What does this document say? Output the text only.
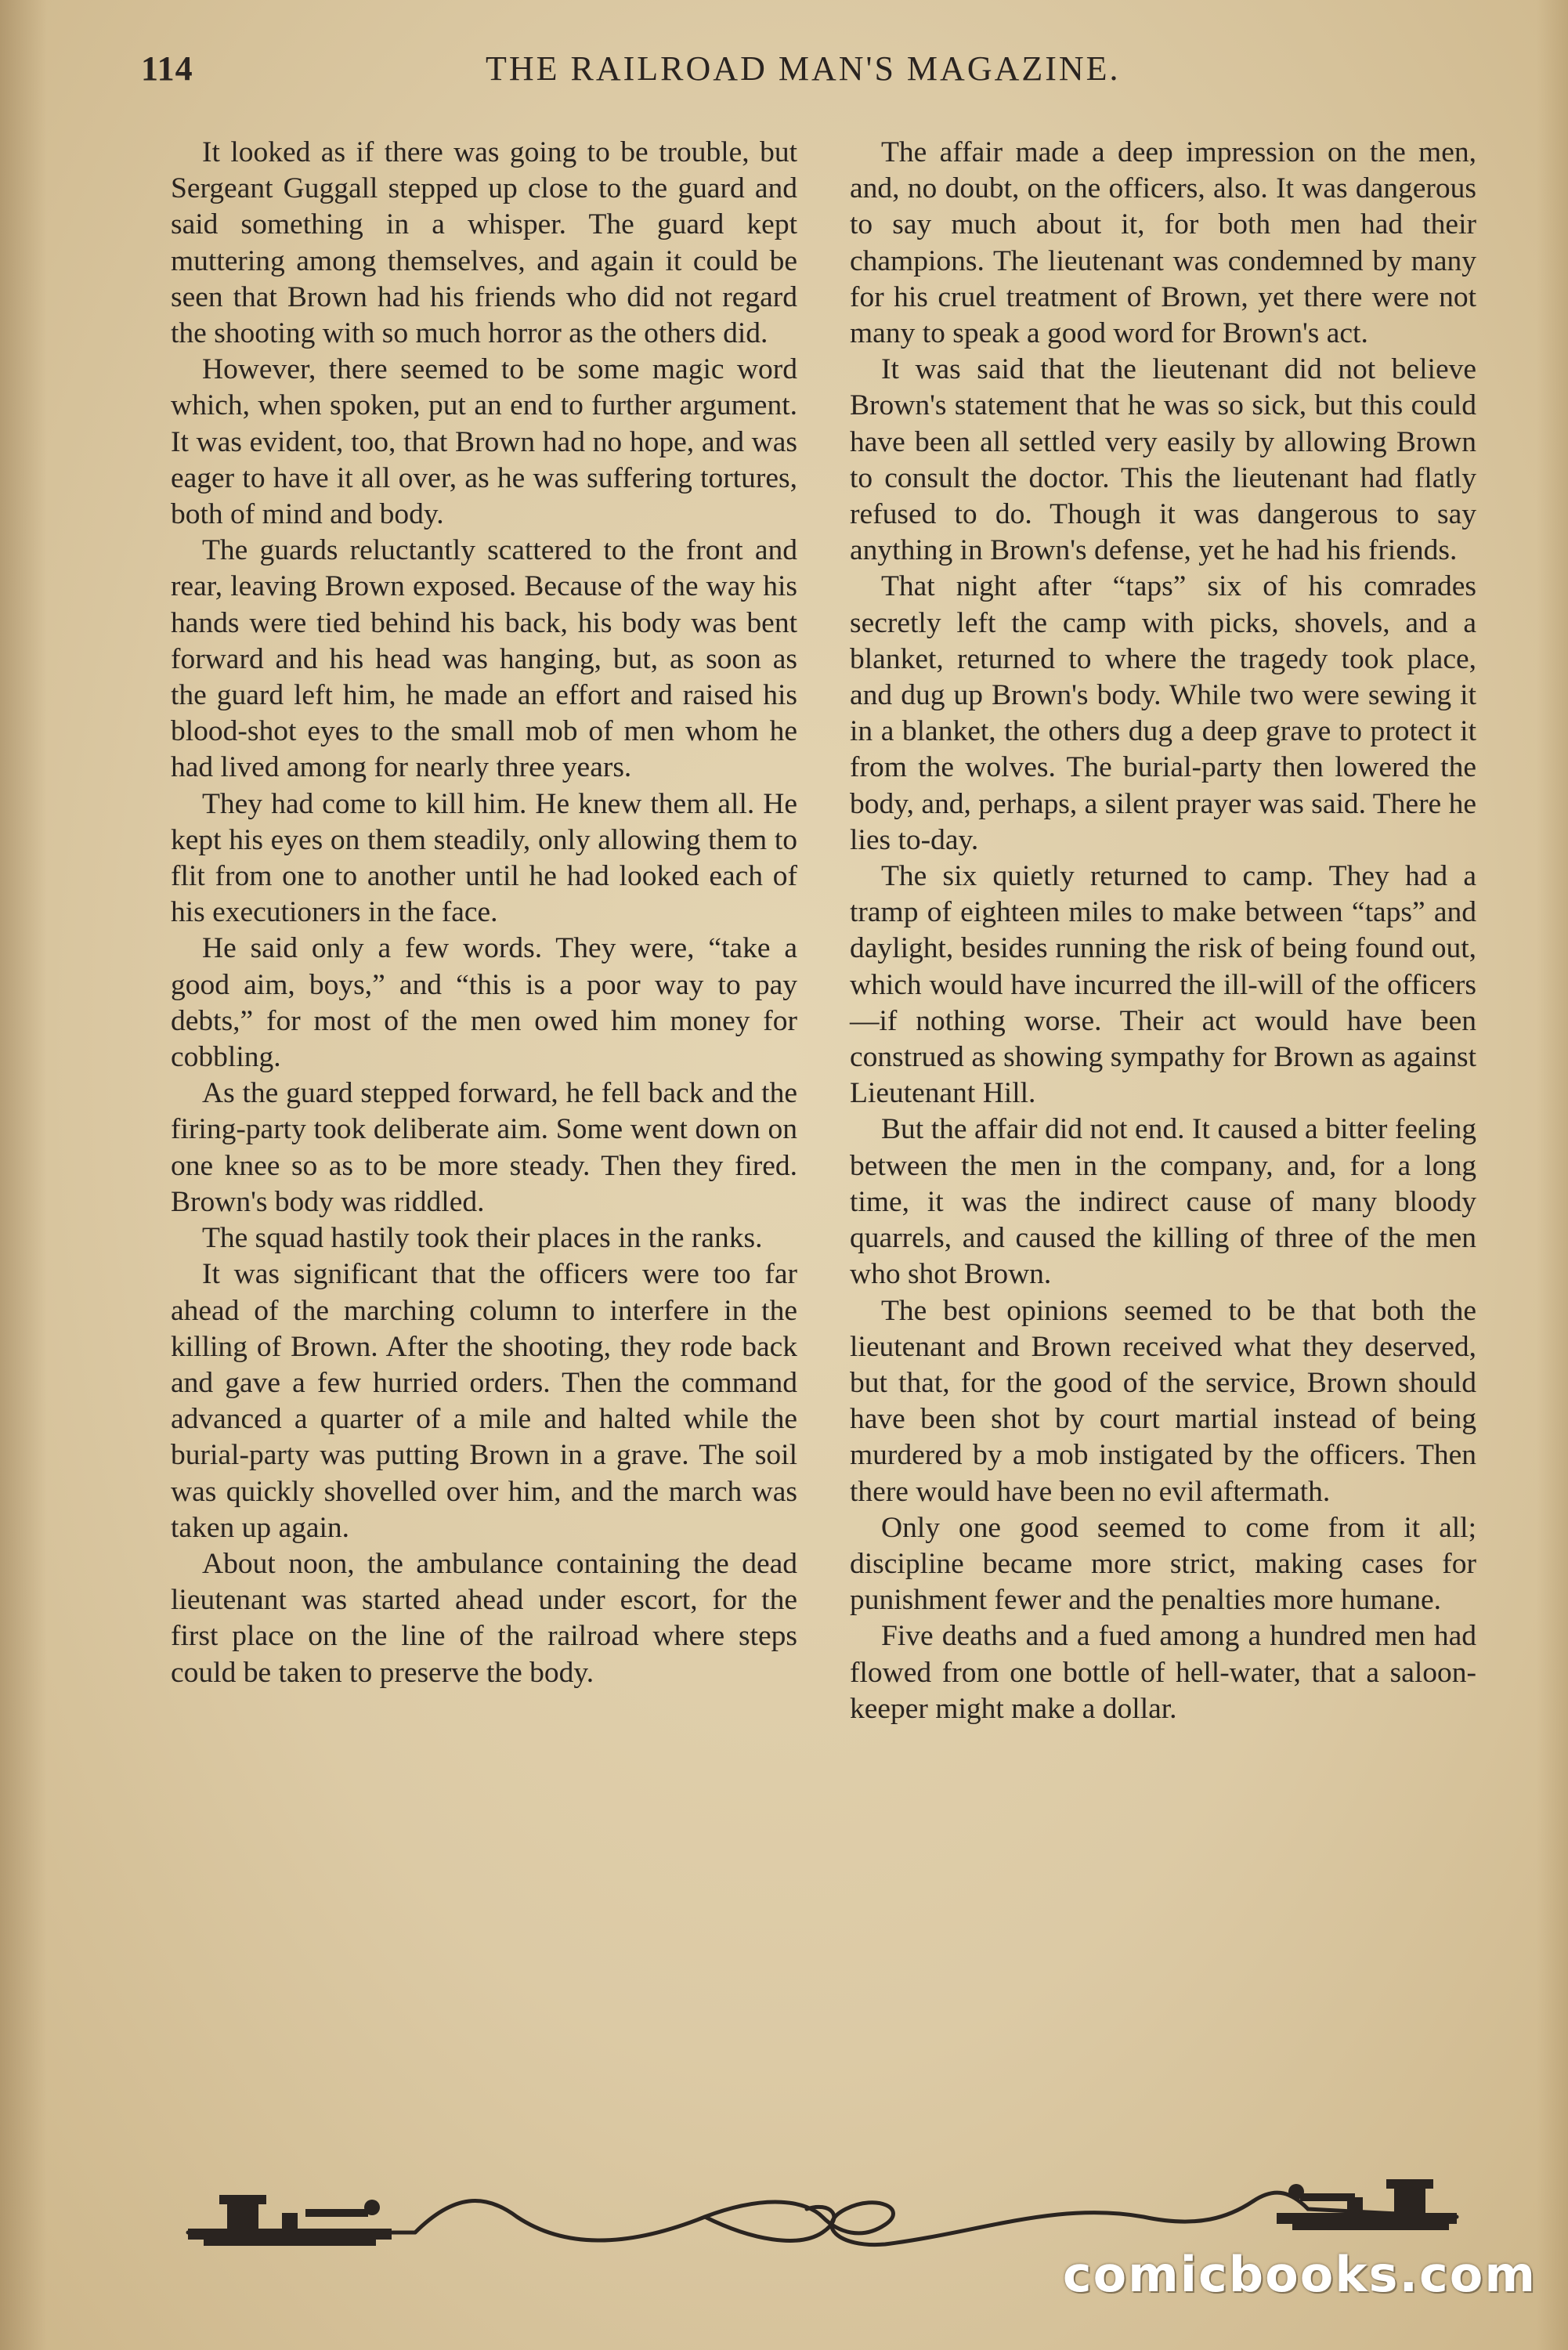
114	THE RAILROAD MAN'S MAGAZINE.

It looked as if there was going to be trouble, but Sergeant Guggall stepped up close to the guard and said something in a whisper. The guard kept muttering among themselves, and again it could be seen that Brown had his friends who did not regard the shooting with so much horror as the others did.

However, there seemed to be some magic word which, when spoken, put an end to further argument. It was evident, too, that Brown had no hope, and was eager to have it all over, as he was suffering tortures, both of mind and body.

The guards reluctantly scattered to the front and rear, leaving Brown exposed. Because of the way his hands were tied behind his back, his body was bent forward and his head was hanging, but, as soon as the guard left him, he made an effort and raised his blood-shot eyes to the small mob of men whom he had lived among for nearly three years.

They had come to kill him. He knew them all. He kept his eyes on them steadily, only allowing them to flit from one to another until he had looked each of his executioners in the face.

He said only a few words. They were, “take a good aim, boys,” and “this is a poor way to pay debts,” for most of the men owed him money for cobbling.

As the guard stepped forward, he fell back and the firing-party took deliberate aim. Some went down on one knee so as to be more steady. Then they fired. Brown's body was riddled.

The squad hastily took their places in the ranks.

It was significant that the officers were too far ahead of the marching column to interfere in the killing of Brown. After the shooting, they rode back and gave a few hurried orders. Then the command advanced a quarter of a mile and halted while the burial-party was putting Brown in a grave. The soil was quickly shovelled over him, and the march was taken up again.

About noon, the ambulance containing the dead lieutenant was started ahead under escort, for the first place on the line of the railroad where steps could be taken to preserve the body.

The affair made a deep impression on the men, and, no doubt, on the officers, also. It was dangerous to say much about it, for both men had their champions. The lieutenant was condemned by many for his cruel treatment of Brown, yet there were not many to speak a good word for Brown's act.

It was said that the lieutenant did not believe Brown's statement that he was so sick, but this could have been all settled very easily by allowing Brown to consult the doctor. This the lieutenant had flatly refused to do. Though it was dangerous to say anything in Brown's defense, yet he had his friends.

That night after “taps” six of his comrades secretly left the camp with picks, shovels, and a blanket, returned to where the tragedy took place, and dug up Brown's body. While two were sewing it in a blanket, the others dug a deep grave to protect it from the wolves. The burial-party then lowered the body, and, perhaps, a silent prayer was said. There he lies to-day.

The six quietly returned to camp. They had a tramp of eighteen miles to make between “taps” and daylight, besides running the risk of being found out, which would have incurred the ill-will of the officers—if nothing worse. Their act would have been construed as showing sympathy for Brown as against Lieutenant Hill.

But the affair did not end. It caused a bitter feeling between the men in the company, and, for a long time, it was the indirect cause of many bloody quarrels, and caused the killing of three of the men who shot Brown.

The best opinions seemed to be that both the lieutenant and Brown received what they deserved, but that, for the good of the service, Brown should have been shot by court martial instead of being murdered by a mob instigated by the officers. Then there would have been no evil aftermath.

Only one good seemed to come from it all; discipline became more strict, making cases for punishment fewer and the penalties more humane.

Five deaths and a fued among a hundred men had flowed from one bottle of hell-water, that a saloon-keeper might make a dollar.

comicbooks.com
